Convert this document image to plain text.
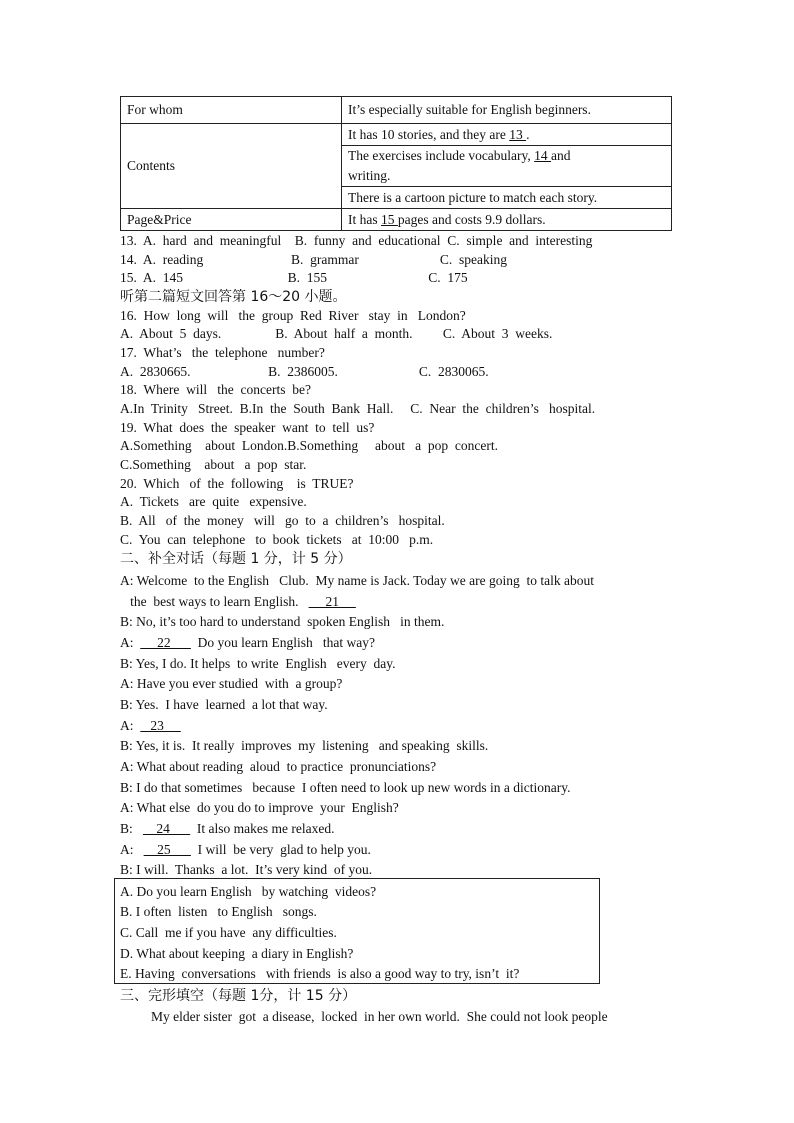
For whom	It’s especially suitable for English beginners.
Contents	It has 10 stories, and they are 13 .
	The exercises include vocabulary, 14 and
writing.
	There is a cartoon picture to match each story.
Page&Price	It has 15 pages and costs 9.9 dollars.
13.  A.  hard  and  meaningful    B.  funny  and  educational  C.  simple  and  interesting
14.  A.  reading                          B.  grammar                        C.  speaking
15.  A.  145                               B.  155                              C.  175
听第二篇短文回答第 16～20 小题。
16.  How  long  will   the  group  Red  River   stay  in   London?
A.  About  5  days.                B.  About  half  a  month.         C.  About  3  weeks.
17.  What’s   the  telephone   number?
A.  2830665.                       B.  2386005.                        C.  2830065.
18.  Where  will   the  concerts  be?
A.In  Trinity   Street.  B.In  the  South  Bank  Hall.     C.  Near  the  children’s   hospital.
19.  What  does  the  speaker  want  to  tell  us?
A.Something    about  London.B.Something     about   a  pop  concert.
C.Something    about   a  pop  star.
20.  Which   of  the  following    is  TRUE?
A.  Tickets   are  quite   expensive.
B.  All   of  the  money   will   go  to  a  children’s   hospital.
C.  You  can  telephone   to  book  tickets   at  10:00   p.m.
二、补全对话（每题 1 分，计 5 分）
A: Welcome  to the English   Club.  My name is Jack. Today we are going  to talk about
the  best ways to learn English.        21
B: No, it’s too hard to understand  spoken English   in them.
A:       22        Do you learn English   that way?
B: Yes, I do. It helps  to write  English   every  day.
A: Have you ever studied  with  a group?
B: Yes.  I have  learned  a lot that way.
A:     23
B: Yes, it is.  It really  improves  my  listening   and speaking  skills.
A: What about reading  aloud  to practice  pronunciations?
B: I do that sometimes   because  I often need to look up new words in a dictionary.
A: What else  do you do to improve  your  English?
B:       24        It also makes me relaxed.
A:       25        I will  be very  glad to help you.
B: I will.  Thanks  a lot.  It’s very kind  of you.
A. Do you learn English   by watching  videos?
B. I often  listen   to English   songs.
C. Call  me if you have  any difficulties.
D. What about keeping  a diary in English?
E. Having  conversations   with friends  is also a good way to try, isn’t  it?
三、完形填空（每题 1分，计 15 分）
My elder sister  got  a disease,  locked  in her own world.  She could not look people
